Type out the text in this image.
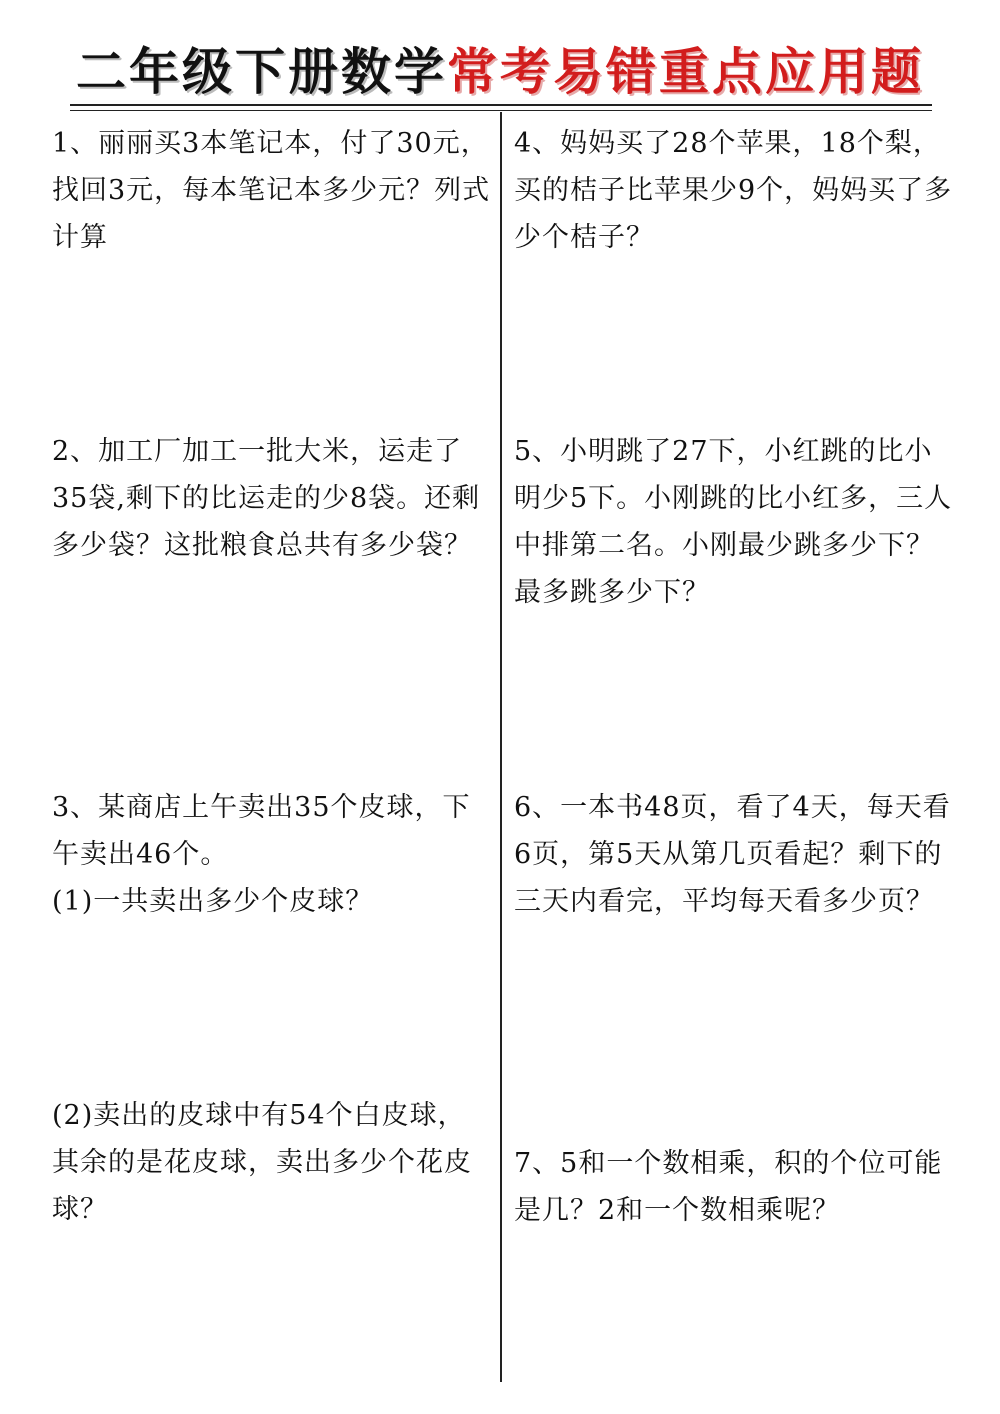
二年级下册数学常考易错重点应用题

1、丽丽买3本笔记本，付了30元，找回3元，每本笔记本多少元？列式计算

2、加工厂加工一批大米，运走了35袋,剩下的比运走的少8袋。还剩多少袋？这批粮食总共有多少袋？

3、某商店上午卖出35个皮球，下午卖出46个。

(1)一共卖出多少个皮球？

(2)卖出的皮球中有54个白皮球，其余的是花皮球，卖出多少个花皮球？

4、妈妈买了28个苹果，18个梨，买的桔子比苹果少9个，妈妈买了多少个桔子？

5、小明跳了27下，小红跳的比小明少5下。小刚跳的比小红多，三人中排第二名。小刚最少跳多少下？最多跳多少下？

6、一本书48页，看了4天，每天看6页，第5天从第几页看起？剩下的三天内看完，平均每天看多少页？

7、5和一个数相乘，积的个位可能是几？2和一个数相乘呢？
